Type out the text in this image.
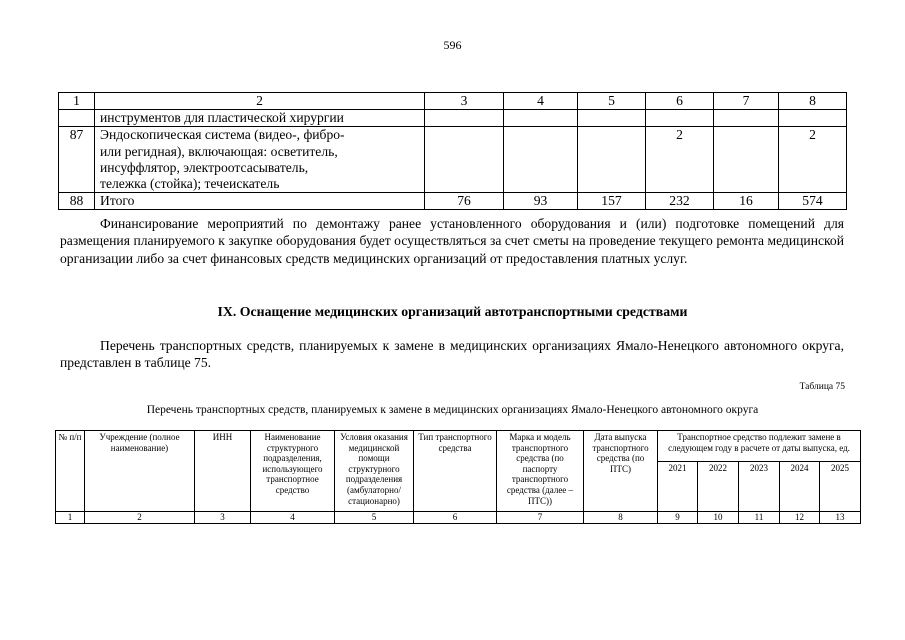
596
1	2	3	4	5	6	7	8

	инструментов для пластической хирургии						

87	Эндоскопическая система (видео-, фибро-
или регидная), включающая: осветитель,
инсуффлятор, электроотсасыватель,
тележка (стойка); течеискатель				2		2
88	Итого	76	93	157	232	16	574
Финансирование мероприятий по демонтажу ранее установленного оборудования и (или) подготовке помещений для размещения планируемого к закупке оборудования будет осуществляться за счет сметы на проведение текущего ремонта медицинской организации либо за счет финансовых средств медицинских организаций от предоставления платных услуг.
IX. Оснащение медицинских организаций автотранспортными средствами
Перечень транспортных средств, планируемых к замене в медицинских организациях Ямало-Ненецкого автономного округа, представлен в таблице 75.
Таблица 75
Перечень транспортных средств, планируемых к замене в медицинских организациях Ямало-Ненецкого автономного округа
№ п/п	Учреждение (полное наименование)	ИНН	Наименование структурного подразделения, использующего транспортное средство	Условия оказания медицинской помощи структурного подразделения (амбулаторно/ стационарно)	Тип транспортного средства	Марка и модель транспортного средства (по паспорту транспортного средства (далее – ПТС))	Дата выпуска транспортного средства (по ПТС)	Транспортное средство подлежит замене в следующем году в расчете от даты выпуска, ед.				
								2021	2022	2023	2024	2025
1	2	3	4	5	6	7	8	9	10	11	12	13
